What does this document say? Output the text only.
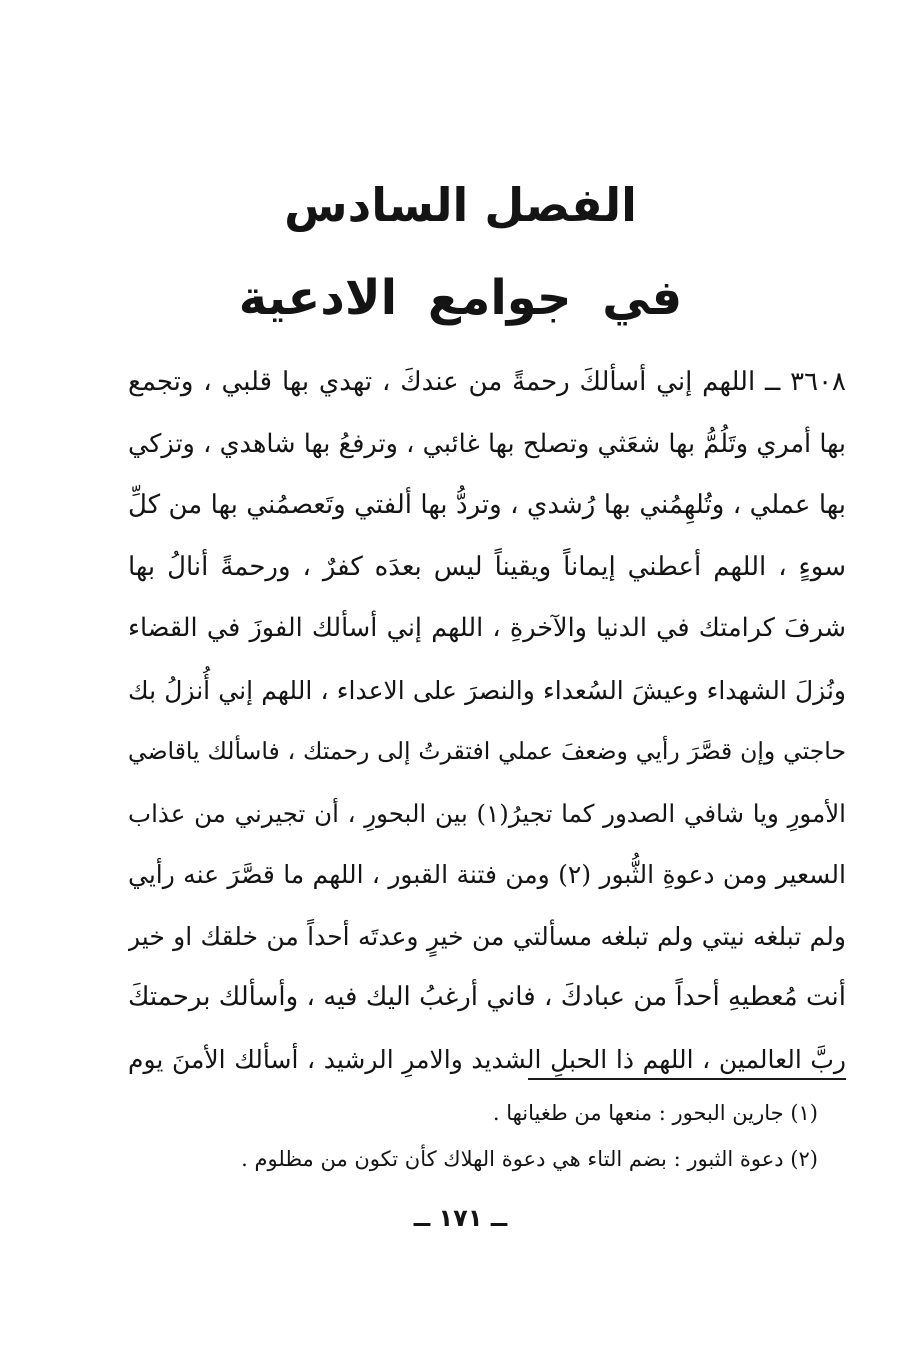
الفصل السادس
في جوامع الادعية
٣٦٠٨ ــ اللهم إني أسألكَ رحمةً من عندكَ ، تهدي بها قلبي ، وتجمع
بها أمري وتَلُمُّ بها شعَثي وتصلح بها غائبي ، وترفعُ بها شاهدي ، وتزكي
بها عملي ، وتُلهِمُني بها رُشدي ، وتردُّ بها ألفتي وتَعصمُني بها من كلِّ
سوءٍ ، اللهم أعطني إيماناً ويقيناً ليس بعدَه كفرٌ ، ورحمةً أنالُ بها
شرفَ كرامتك في الدنيا والآخرةِ ، اللهم إني أسألك الفوزَ في القضاء
ونُزلَ الشهداء وعيشَ السُعداء والنصرَ على الاعداء ، اللهم إني أُنزلُ بك
حاجتي وإن قصَّرَ رأيي وضعفَ عملي افتقرتُ إلى رحمتك ، فاسألك ياقاضي
الأمورِ ويا شافي الصدور كما تجيرُ(١) بين البحورِ ، أن تجيرني من عذاب
السعير ومن دعوةِ الثُّبور (٢) ومن فتنة القبور ، اللهم ما قصَّرَ عنه رأيي
ولم تبلغه نيتي ولم تبلغه مسألتي من خيرٍ وعدتَه أحداً من خلقك او خير
أنت مُعطيهِ أحداً من عبادكَ ، فاني أرغبُ اليك فيه ، وأسألك برحمتكَ
ربَّ العالمين ، اللهم ذا الحبلِ الشديد والامرِ الرشيد ، أسألك الأمنَ يوم
(١) جارين البحور : منعها من طغيانها .
(٢) دعوة الثبور : بضم التاء هي دعوة الهلاك كأن تكون من مظلوم .
ــ ١٧١ ــ
